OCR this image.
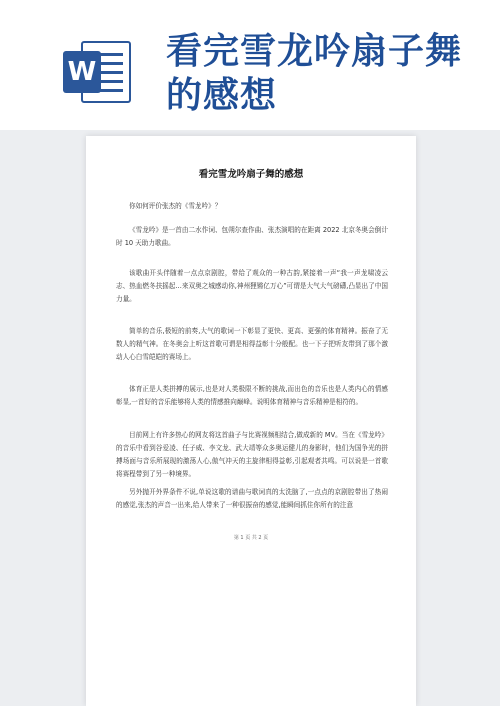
W 看完雪龙吟扇子舞的感想
看完雪龙吟扇子舞的感想

你如何评价张杰的《雪龙吟》？

《雪龙吟》是一首由二水作词、包朔尔查作曲、张杰演唱的在距离 2022 北京冬奥会倒计时 10 天助力歌曲。

该歌曲开头伴随着一点点京剧腔，带给了观众的一种古韵,紧接着一声“我一声龙啸凌云志、热血燃冬扶摇起...来双奥之城感动你,神州狸锵亿万心”可谓是大气大气磅礴,凸显出了中国力量。

简单的音乐,极短的前奏,大气的歌词一下彰显了更快、更高、更强的体育精神。振奋了无数人的精气神。在冬奥会上听这首歌可谓是相得益彰十分般配。也一下子把听友带到了那个激动人心白雪皑皑的赛场上。

体育正是人类拼搏的展示,也是对人类极限不断的挑战,而出色的音乐也是人类内心的情感彰显,一首好的音乐能够将人类的情感推向巅峰。说明体育精神与音乐精神是相符的。

目前网上有许多热心的网友将这首曲子与比赛视频相结合,做成新的 MV。当在《雪龙吟》的音乐中看到谷爱凌、任子威、李文龙、武大靖等众多奥运健儿的身影时，他们为国争光的拼搏场面与音乐所展现的激荡人心,傲气冲天的主旋律相得益彰,引起观者共鸣。可以说是一首歌将赛程带到了另一种境界。

另外抛开外界条件不说,单说这歌的谱曲与歌词真的太洗脑了,一点点的京剧腔带出了热闹的感觉,张杰的声音一出来,给人带来了一种很振奋的感觉,能瞬间抓住你所有的注意

第 1 页 共 2 页
